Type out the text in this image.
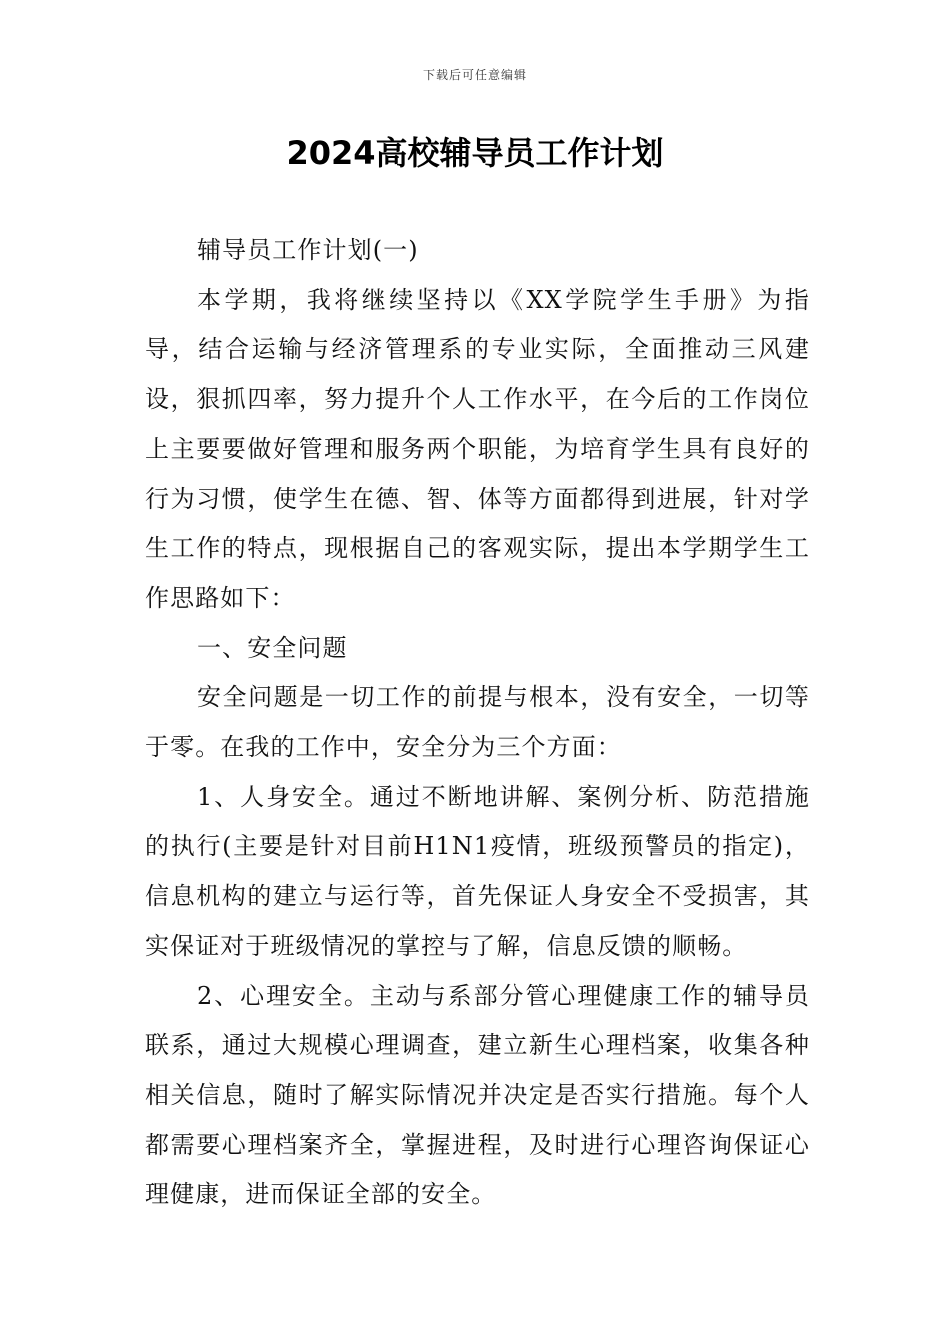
下载后可任意编辑
2024高校辅导员工作计划

辅导员工作计划(一)

本学期，我将继续坚持以《XX学院学生手册》为指导，结合运输与经济管理系的专业实际，全面推动三风建设，狠抓四率，努力提升个人工作水平，在今后的工作岗位上主要要做好管理和服务两个职能，为培育学生具有良好的行为习惯，使学生在德、智、体等方面都得到进展，针对学生工作的特点，现根据自己的客观实际，提出本学期学生工作思路如下：

一、安全问题

安全问题是一切工作的前提与根本，没有安全，一切等于零。在我的工作中，安全分为三个方面：

1、人身安全。通过不断地讲解、案例分析、防范措施的执行(主要是针对目前H1N1疫情，班级预警员的指定)，信息机构的建立与运行等，首先保证人身安全不受损害，其实保证对于班级情况的掌控与了解，信息反馈的顺畅。

2、心理安全。主动与系部分管心理健康工作的辅导员联系，通过大规模心理调查，建立新生心理档案，收集各种相关信息，随时了解实际情况并决定是否实行措施。每个人都需要心理档案齐全，掌握进程，及时进行心理咨询保证心理健康，进而保证全部的安全。
